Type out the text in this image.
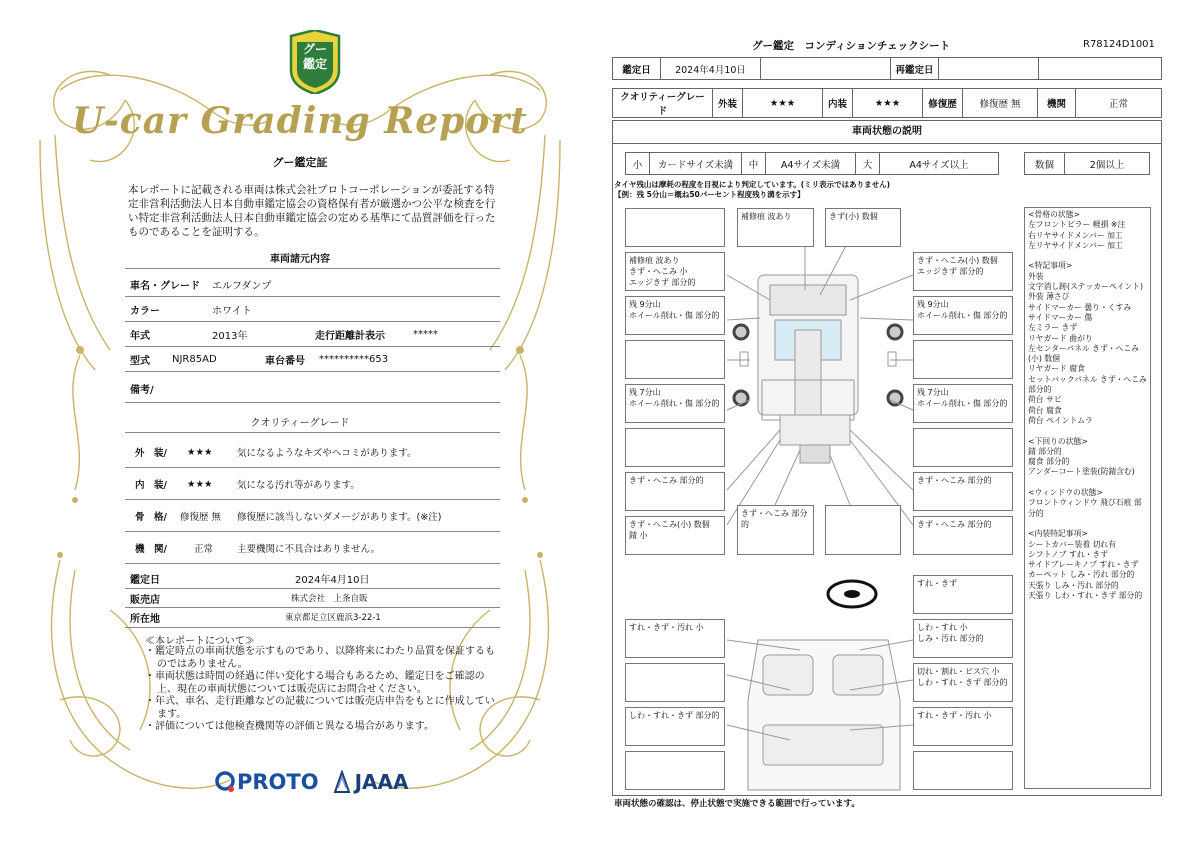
グー
鑑定
U-car Grading Report
グー鑑定証
本レポートに記載される車両は株式会社プロトコーポレーションが委託する特定非営利活動法人日本自動車鑑定協会の資格保有者が厳選かつ公平な検査を行い特定非営利活動法人日本自動車鑑定協会の定める基準にて品質評価を行ったものであることを証明する。
車両諸元内容
車名・グレード エルフダンプ
カラー	ホワイト
年式	2013年	走行距離計表示	*****
型式 NJR85AD	車台番号 **********653
備考/
クオリティーグレード
外　装/ ★★★	気になるようなキズやヘコミがあります。
内　装/ ★★★	気になる汚れ等があります。
骨　格/ 修復歴 無 修復歴に該当しないダメージがあります。(※注)
機　関/	正常	主要機関に不具合はありません。
鑑定日	2024年4月10日
販売店	株式会社　上条自販
所在地	東京都足立区鹿浜3-22-1
≪本レポートについて≫
・鑑定時点の車両状態を示すものであり、以降将来にわたり品質を保証するものではありません。
・車両状態は時間の経過に伴い変化する場合もあるため、鑑定日をご確認の上、現在の車両状態については販売店にお問合せください。
・年式、車名、走行距離などの記載については販売店申告をもとに作成しています。
・評価については他検査機関等の評価と異なる場合があります。
PROTO JAAA
グー鑑定　コンディションチェックシート	R78124D1001
鑑定日	2024年4月10日		再鑑定日		
クオリティーグレード	外装	★★★	内装	★★★	修復歴	修復歴 無	機関	正常
車両状態の説明
小	カードサイズ未満	中	A4サイズ未満	大	A4サイズ以上	数個	2個以上
タイヤ残山は摩耗の程度を目視により判定しています。(ミリ表示ではありません)
【例：残 5分山＝概ね50パーセント程度残り溝を示す】
補修痕 波あり
きず・へこみ 小
エッジきず 部分的
残 9分山
ホイール削れ・傷 部分的
残 7分山
ホイール削れ・傷 部分的
きず・へこみ 部分的
きず・へこみ(小) 数個
錆 小
補修痕 波あり	きず(小) 数個
きず・へこみ(小) 数個
エッジきず 部分的
残 9分山
ホイール削れ・傷 部分的
残 7分山
ホイール削れ・傷 部分的
きず・へこみ 部分的
きず・へこみ 部分的
きず・へこみ 部分的
すれ・きず
すれ・きず・汚れ 小	しわ・すれ 小
しみ・汚れ 部分的
切れ・割れ・ビス穴 小
しわ・すれ・きず 部分的
しわ・すれ・きず 部分的	すれ・きず・汚れ 小
<骨格の状態>
左フロントピラー 軽損 ※注
右リヤサイドメンバー 加工
左リヤサイドメンバー 加工

<特記事項>
外装
文字消し跡(ステッカーペイント)
外装 薄さび
サイドマーカー 曇り・くすみ
サイドマーカー 傷
左ミラー きず
リヤガード 曲がり
左センターパネル きず・へこみ(小) 数個
リヤガード 腐食
セットバックパネル きず・へこみ 部分的
荷台 サビ
荷台 腐食
荷台 ペイントムラ

<下回りの状態>
錆 部分的
腐食 部分的
アンダーコート塗装(防錆含む)

<ウィンドウの状態>
フロントウィンドウ 飛び石痕 部分的

<内装特記事項>
シートカバー装着 切れ有
シフトノブ すれ・きず
サイドブレーキノブ すれ・きず
カーペット しみ・汚れ 部分的
天張り しみ・汚れ 部分的
天張り しわ・すれ・きず 部分的
車両状態の確認は、停止状態で実施できる範囲で行っています。
